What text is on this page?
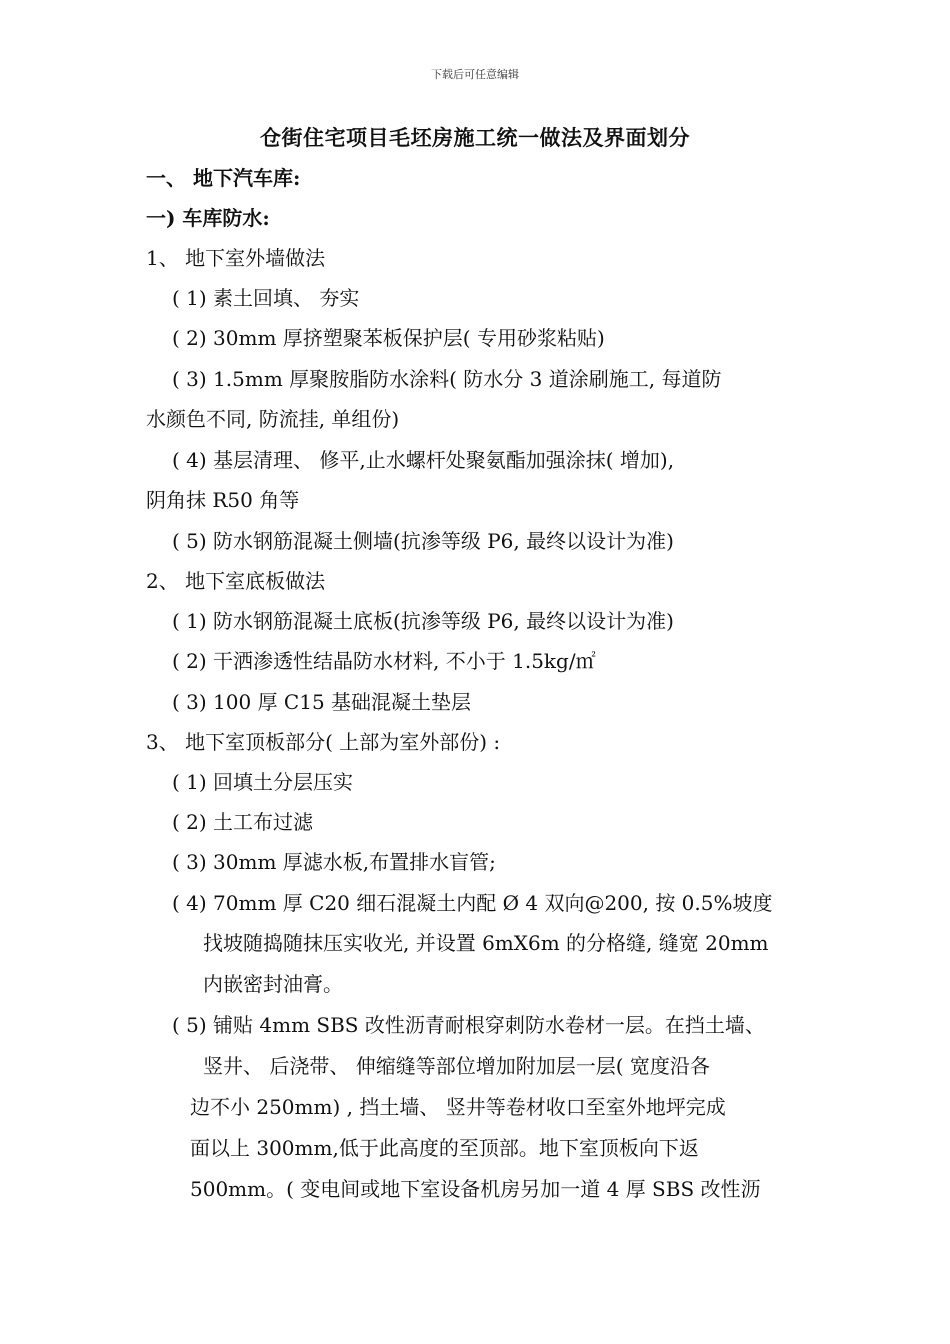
下载后可任意编辑
仓街住宅项目毛坯房施工统一做法及界面划分
一、 地下汽车库:
一) 车库防水:
1、 地下室外墙做法
( 1) 素土回填、 夯实
( 2) 30mm 厚挤塑聚苯板保护层( 专用砂浆粘贴)
( 3) 1.5mm 厚聚胺脂防水涂料( 防水分 3 道涂刷施工, 每道防
水颜色不同, 防流挂, 单组份)
( 4) 基层清理、 修平,止水螺杆处聚氨酯加强涂抹( 增加),
阴角抹 R50 角等
( 5) 防水钢筋混凝土侧墙(抗渗等级 P6, 最终以设计为准)
2、 地下室底板做法
( 1) 防水钢筋混凝土底板(抗渗等级 P6, 最终以设计为准)
( 2) 干洒渗透性结晶防水材料, 不小于 1.5kg/㎡
( 3) 100 厚 C15 基础混凝土垫层
3、 地下室顶板部分( 上部为室外部份) :
( 1) 回填土分层压实
( 2) 土工布过滤
( 3) 30mm 厚滤水板,布置排水盲管;
( 4) 70mm 厚 C20 细石混凝土内配 Ø 4 双向@200, 按 0.5%坡度
找坡随捣随抹压实收光, 并设置 6mX6m 的分格缝, 缝宽 20mm
内嵌密封油膏。
( 5) 铺贴 4mm SBS 改性沥青耐根穿刺防水卷材一层。在挡土墙、
竖井、 后浇带、 伸缩缝等部位增加附加层一层( 宽度沿各
边不小 250mm) , 挡土墙、 竖井等卷材收口至室外地坪完成
面以上 300mm,低于此高度的至顶部。地下室顶板向下返
500mm。( 变电间或地下室设备机房另加一道 4 厚 SBS 改性沥
